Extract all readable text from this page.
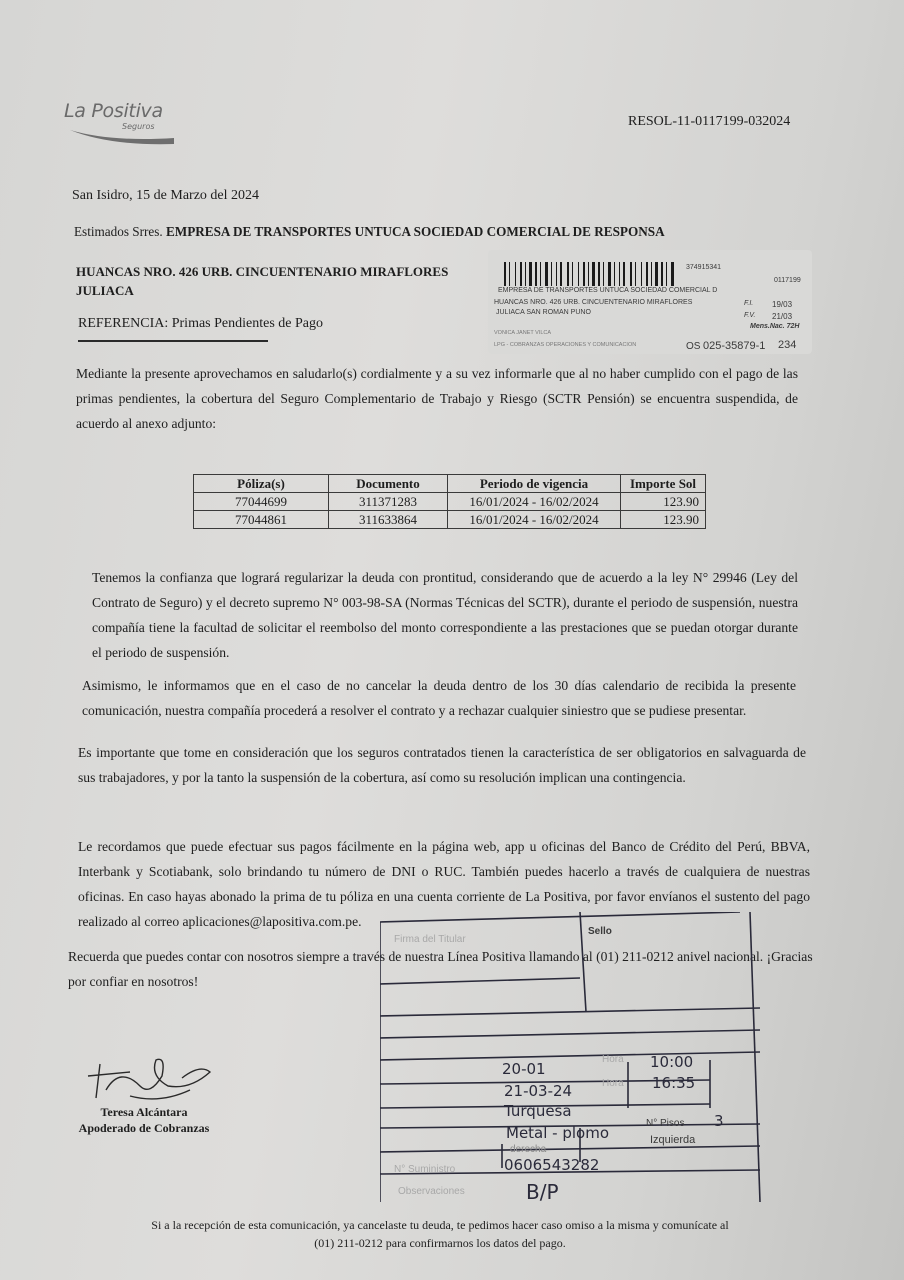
La Positiva
Seguros	RESOL-11-0117199-032024
San Isidro, 15 de Marzo del 2024
Estimados Srres. EMPRESA DE TRANSPORTES UNTUCA SOCIEDAD COMERCIAL DE RESPONSA
HUANCAS NRO. 426 URB. CINCUENTENARIO MIRAFLORES
JULIACA
REFERENCIA: Primas Pendientes de Pago
374915341
0117199
EMPRESA DE TRANSPORTES UNTUCA SOCIEDAD COMERCIAL D
HUANCAS NRO. 426 URB. CINCUENTENARIO MIRAFLORES
JULIACA SAN ROMAN PUNO
F.I. 19/03
F.V. 21/03
Mens.Nac. 72H
VONICA JANET VILCA
LPG - COBRANZAS OPERACIONES Y COMUNICACION	OS 025-35879-1 234
Mediante la presente aprovechamos en saludarlo(s) cordialmente y a su vez informarle que al no haber cumplido con el pago de las primas pendientes, la cobertura del Seguro Complementario de Trabajo y Riesgo (SCTR Pensión) se encuentra suspendida, de acuerdo al anexo adjunto:
Póliza(s)	Documento	Periodo de vigencia	Importe Sol
77044699	311371283	16/01/2024 - 16/02/2024	123.90
77044861	311633864	16/01/2024 - 16/02/2024	123.90
Tenemos la confianza que logrará regularizar la deuda con prontitud, considerando que de acuerdo a la ley N° 29946 (Ley del Contrato de Seguro) y el decreto supremo N° 003-98-SA (Normas Técnicas del SCTR), durante el periodo de suspensión, nuestra compañía tiene la facultad de solicitar el reembolso del monto correspondiente a las prestaciones que se puedan otorgar durante el periodo de suspensión.
Asimismo, le informamos que en el caso de no cancelar la deuda dentro de los 30 días calendario de recibida la presente comunicación, nuestra compañía procederá a resolver el contrato y a rechazar cualquier siniestro que se pudiese presentar.
Es importante que tome en consideración que los seguros contratados tienen la característica de ser obligatorios en salvaguarda de sus trabajadores, y por la tanto la suspensión de la cobertura, así como su resolución implican una contingencia.
Le recordamos que puede efectuar sus pagos fácilmente en la página web, app u oficinas del Banco de Crédito del Perú, BBVA, Interbank y Scotiabank, solo brindando tu número de DNI o RUC. También puedes hacerlo a través de cualquiera de nuestras oficinas. En caso hayas abonado la prima de tu póliza en una cuenta corriente de La Positiva, por favor envíanos el sustento del pago realizado al correo aplicaciones@lapositiva.com.pe.
Recuerda que puedes contar con nosotros siempre a través de nuestra Línea Positiva llamando al (01) 211-0212 anivel nacional. ¡Gracias por confiar en nosotros!
Teresa Alcántara
Apoderado de Cobranzas
Firma del Titular
Sello
Hora
Hora
20-01
21-03-24
10:00
16:35
Turquesa
Metal - plomo
N° Pisos 3
derecha
Izquierda
N° Suministro	0606543282
Observaciones	B/P
Si a la recepción de esta comunicación, ya cancelaste tu deuda, te pedimos hacer caso omiso a la misma y comunícate al
(01) 211-0212 para confirmarnos los datos del pago.
